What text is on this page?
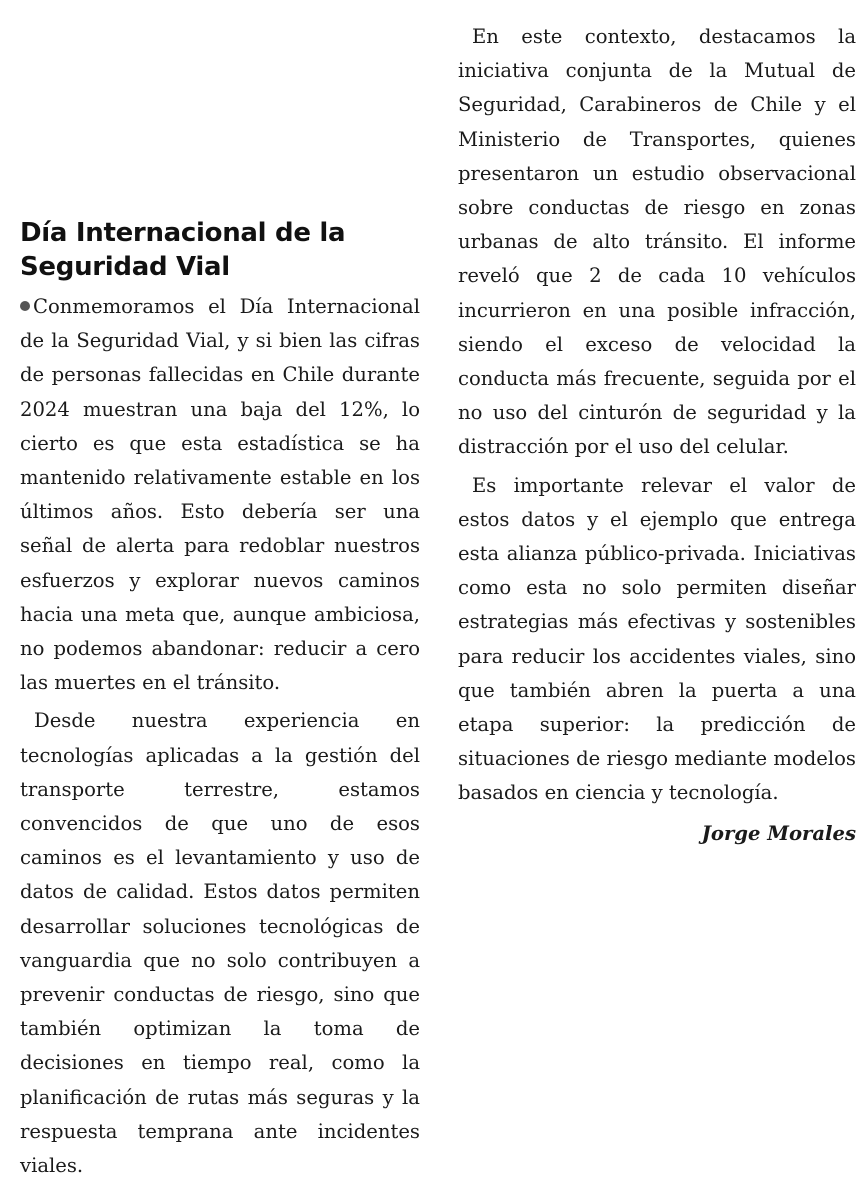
Día Internacional de la Seguridad Vial

Conmemoramos el Día Internacional de la Seguridad Vial, y si bien las cifras de personas fallecidas en Chile durante 2024 muestran una baja del 12%, lo cierto es que esta estadística se ha mantenido relativamente estable en los últimos años. Esto debería ser una señal de alerta para redoblar nuestros esfuerzos y explorar nuevos caminos hacia una meta que, aunque ambiciosa, no podemos abandonar: reducir a cero las muertes en el tránsito.

Desde nuestra experiencia en tecnologías aplicadas a la gestión del transporte terrestre, estamos convencidos de que uno de esos caminos es el levantamiento y uso de datos de calidad. Estos datos permiten desarrollar soluciones tecnológicas de vanguardia que no solo contribuyen a prevenir conductas de riesgo, sino que también optimizan la toma de decisiones en tiempo real, como la planificación de rutas más seguras y la respuesta temprana ante incidentes viales.

En este contexto, destacamos la iniciativa conjunta de la Mutual de Seguridad, Carabineros de Chile y el Ministerio de Transportes, quienes presentaron un estudio observacional sobre conductas de riesgo en zonas urbanas de alto tránsito. El informe reveló que 2 de cada 10 vehículos incurrieron en una posible infracción, siendo el exceso de velocidad la conducta más frecuente, seguida por el no uso del cinturón de seguridad y la distracción por el uso del celular.

Es importante relevar el valor de estos datos y el ejemplo que entrega esta alianza público-privada. Iniciativas como esta no solo permiten diseñar estrategias más efectivas y sostenibles para reducir los accidentes viales, sino que también abren la puerta a una etapa superior: la predicción de situaciones de riesgo mediante modelos basados en ciencia y tecnología.

Jorge Morales
